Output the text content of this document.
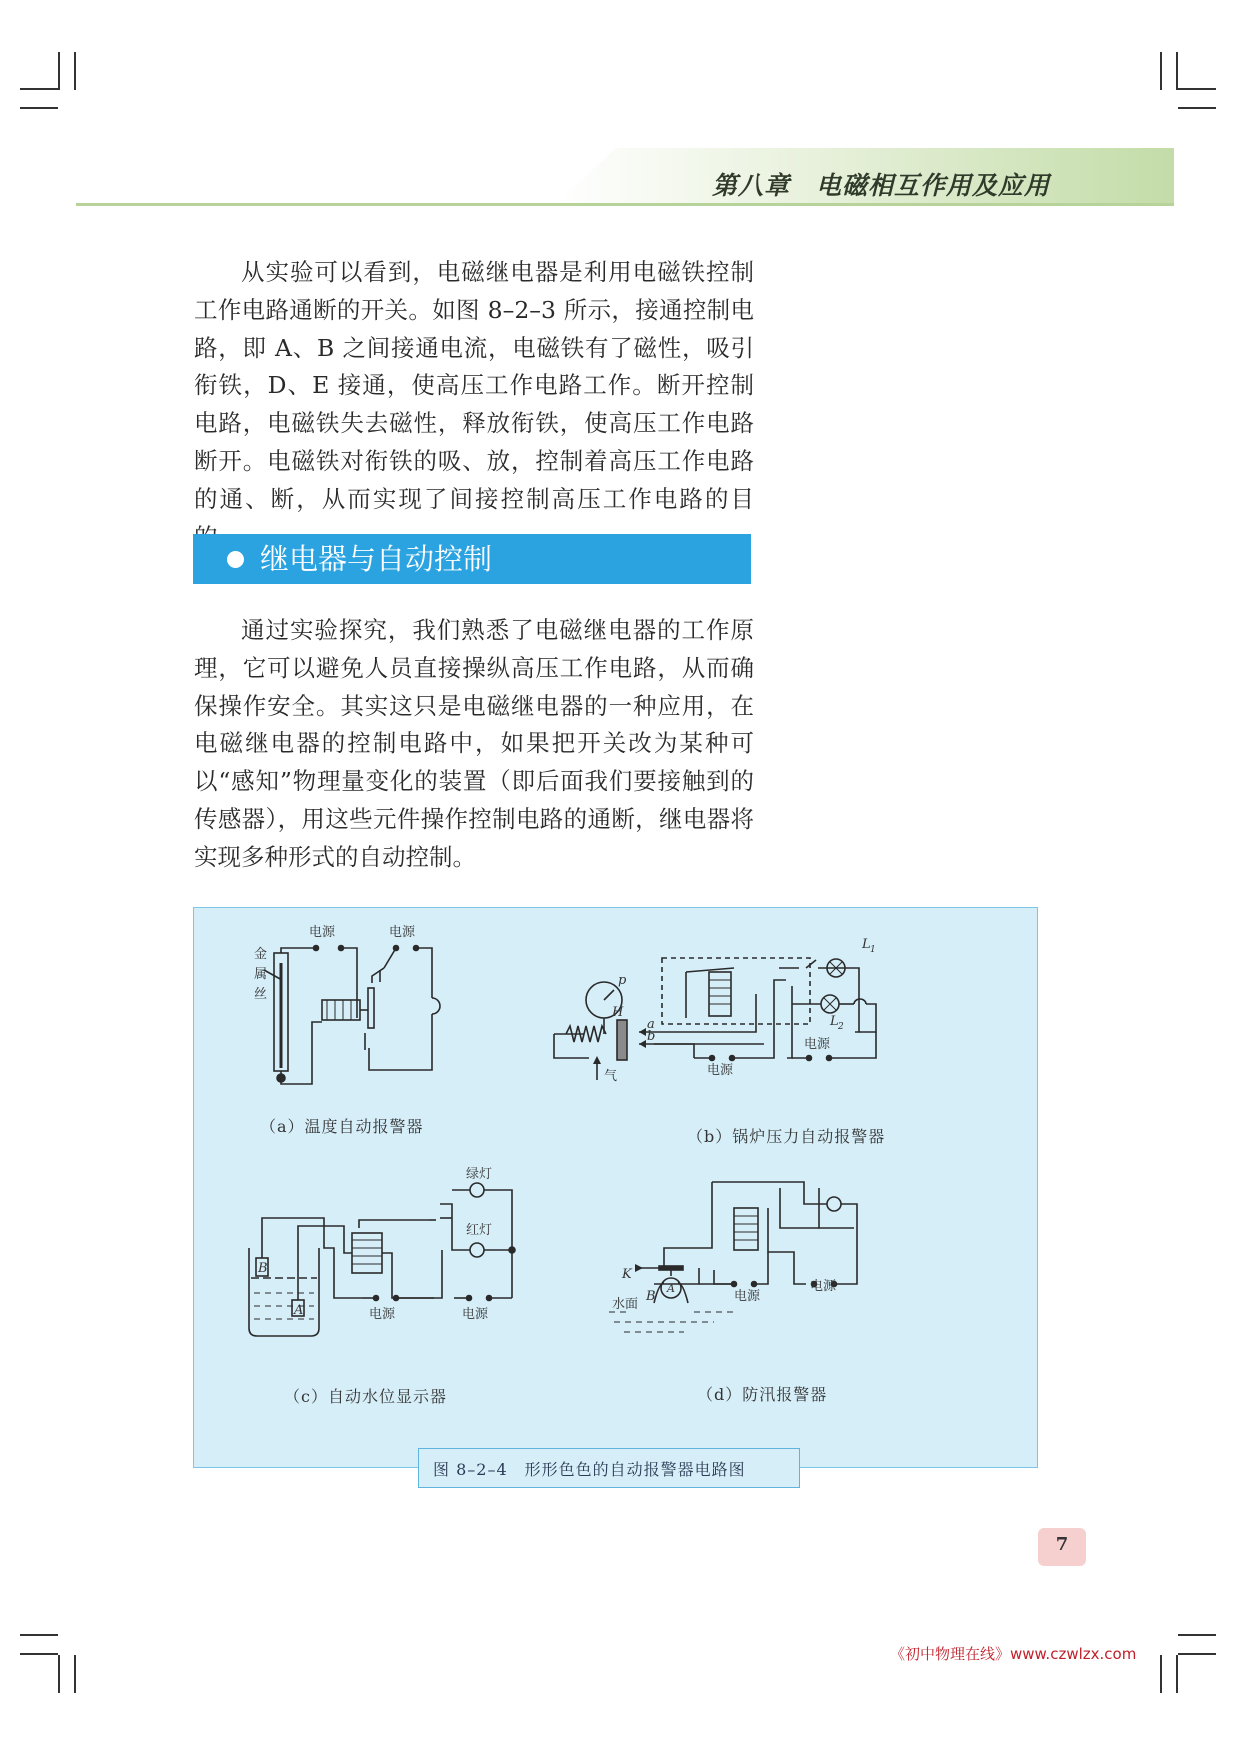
第八章　电磁相互作用及应用
从实验可以看到，电磁继电器是利用电磁铁控制工作电路通断的开关。如图 8–2–3 所示，接通控制电路，即 A、B 之间接通电流，电磁铁有了磁性，吸引衔铁，D、E 接通，使高压工作电路工作。断开控制电路，电磁铁失去磁性，释放衔铁，使高压工作电路断开。电磁铁对衔铁的吸、放，控制着高压工作电路的通、断，从而实现了间接控制高压工作电路的目
继电器与自动控制
通过实验探究，我们熟悉了电磁继电器的工作原理，它可以避免人员直接操纵高压工作电路，从而确保操作安全。其实这只是电磁继电器的一种应用，在电磁继电器的控制电路中，如果把开关改为某种可以“感知”物理量变化的装置（即后面我们要接触到的传感器），用这些元件操作控制电路的通断，继电器将实现多种形式的自动控制。
电源	电源
金
属
丝
p
H
a
b
气	电源
电源
L 1
L 2
绿灯
红灯
B
A	电源	电源
K
B
A
水面
电源
电源
（a）温度自动报警器
（b）锅炉压力自动报警器
（c）自动水位显示器	（d）防汛报警器
图 8–2–4　形形色色的自动报警器电路图
7
《初中物理在线》www.czwlzx.com
